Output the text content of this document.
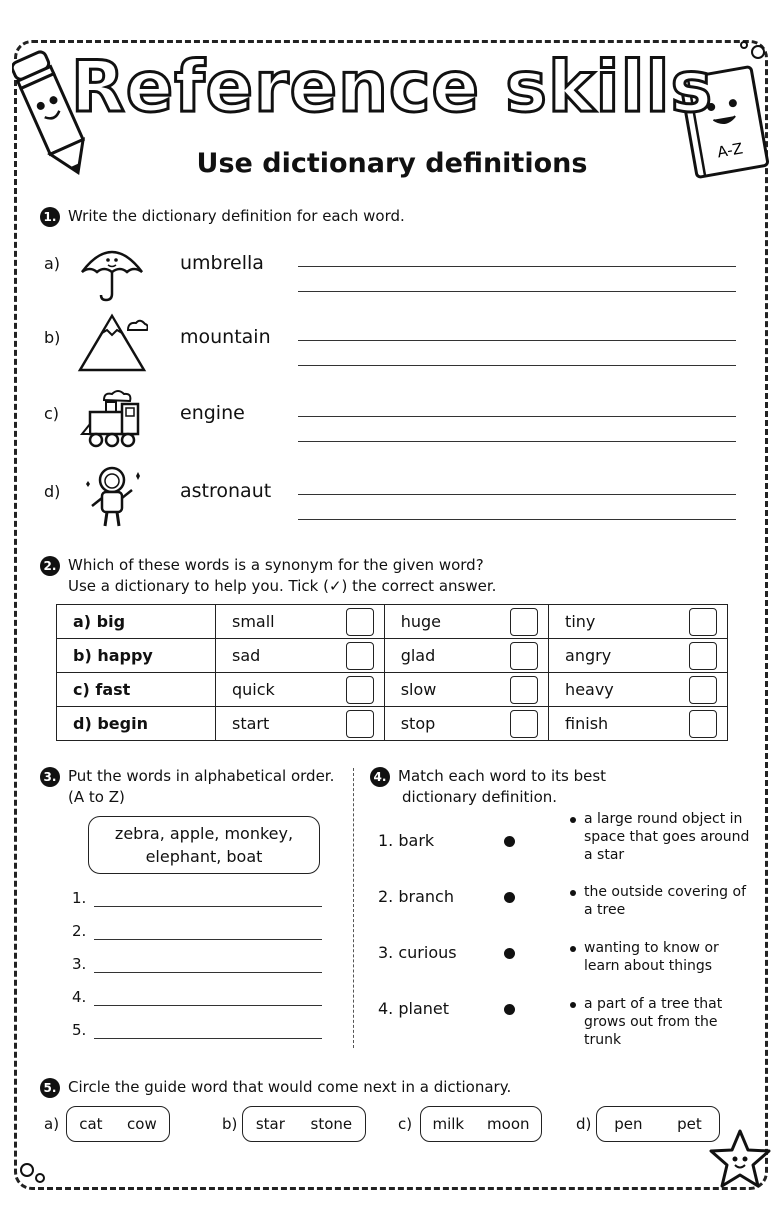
A-Z
Reference skills
Use dictionary definitions
1. Write the dictionary definition for each word.
a)	umbrella
b)	mountain
c)	engine
d)	astronaut
2. Which of these words is a synonym for the given word?
Use a dictionary to help you. Tick (✓) the correct answer.
a) big	small	huge	tiny

b) happy	sad	glad	angry

c) fast	quick	slow	heavy

d) begin	start	stop	finish
3. Put the words in alphabetical order.
(A to Z)
zebra, apple, monkey,
elephant, boat
1.
2.
3.
4.
5.
4. Match each word to its best
dictionary definition.
1. bark
2. branch
3. curious
4. planet
a large round object in
space that goes around
a star
the outside covering of
a tree
wanting to know or
learn about things
a part of a tree that
grows out from the trunk
5. Circle the guide word that would come next in a dictionary.
a) cat cow	b) star stone	c) milk moon	d) pen pet
